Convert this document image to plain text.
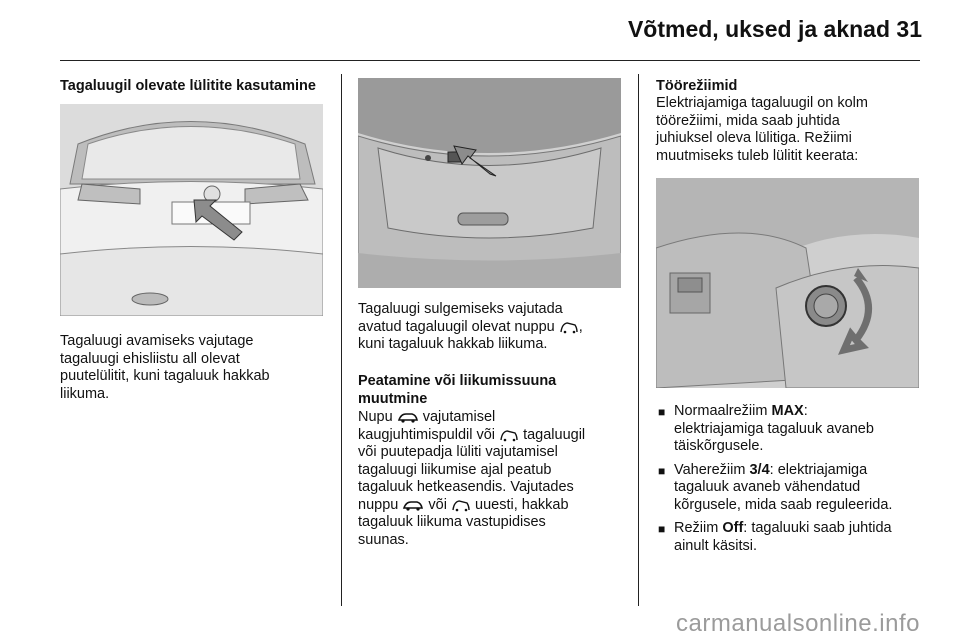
Võtmed, uksed ja aknad 31
Tagaluugil olevate lülitite kasutamine
Tagaluugi avamiseks vajutage
tagaluugi ehisliistu all olevat
puutelülitit, kuni tagaluuk hakkab
liikuma.
Tagaluugi sulgemiseks vajutada
avatud tagaluugil olevat nuppu ,
kuni tagaluuk hakkab liikuma.
Peatamine või liikumissuuna
muutmine
Nupu vajutamisel
kaugjuhtimispuldil või tagaluugil
või puutepadja lüliti vajutamisel
tagaluugi liikumise ajal peatub
tagaluuk hetkeasendis. Vajutades
nuppu või uuesti, hakkab
tagaluuk liikuma vastupidises
suunas.
Töörežiimid
Elektriajamiga tagaluugil on kolm
töörežiimi, mida saab juhtida
juhiuksel oleva lülitiga. Režiimi
muutmiseks tuleb lülitit keerata:
■ Normaalrežiim MAX:
elektriajamiga tagaluuk avaneb
täiskõrgusele.
■ Vaherežiim 3/4: elektriajamiga
tagaluuk avaneb vähendatud
kõrgusele, mida saab reguleerida.
■ Režiim Off: tagaluuki saab juhtida
ainult käsitsi.
carmanualsonline.info
